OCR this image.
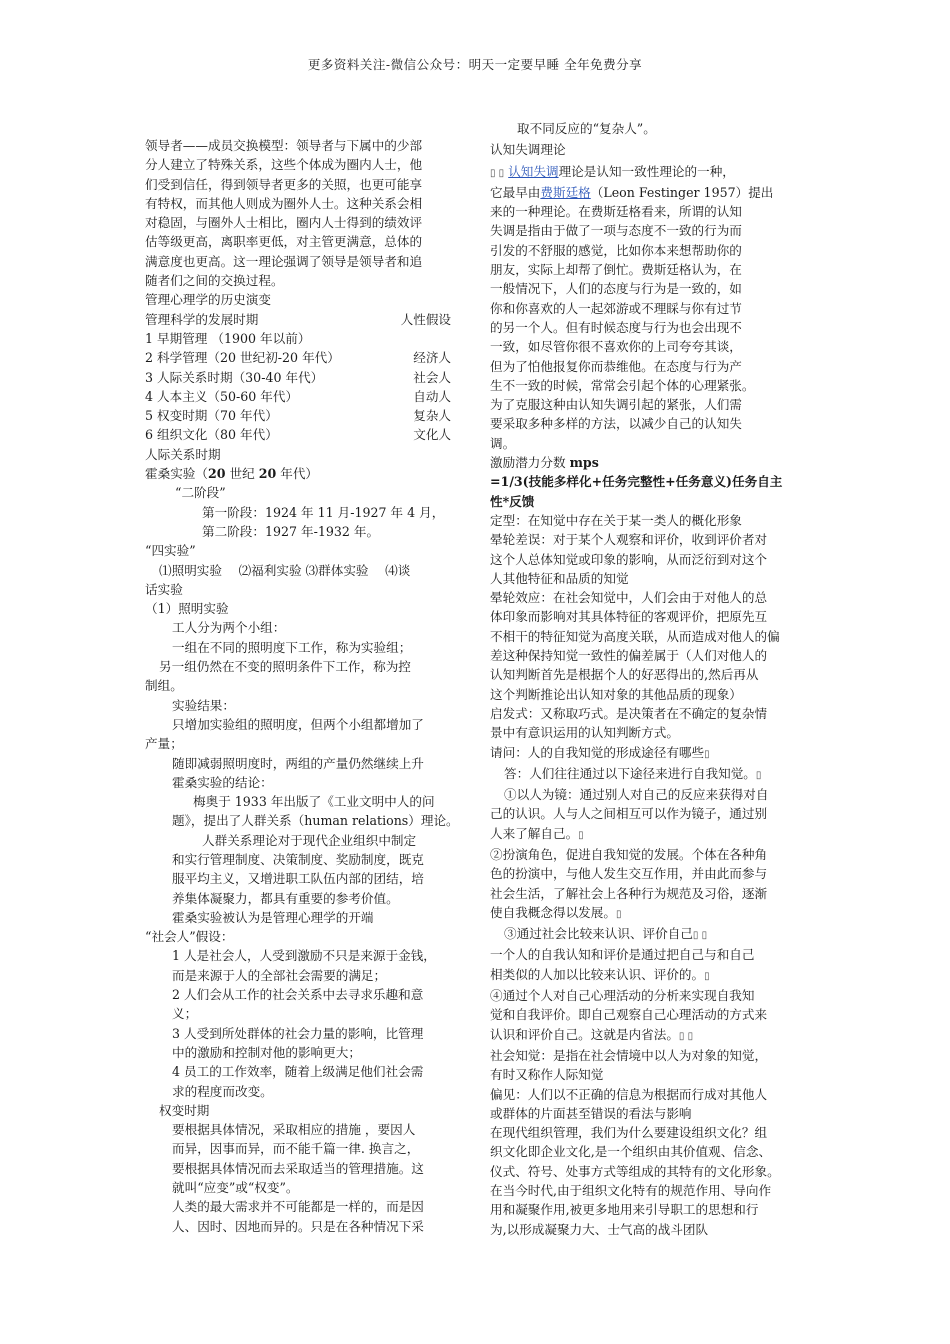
更多资料关注-微信公众号：明天一定要早睡 全年免费分享

领导者——成员交换模型：领导者与下属中的少部

分人建立了特殊关系，这些个体成为圈内人士，他

们受到信任，得到领导者更多的关照，也更可能享

有特权，而其他人则成为圈外人士。这种关系会相

对稳固，与圈外人士相比，圈内人士得到的绩效评

估等级更高，离职率更低，对主管更满意，总体的

满意度也更高。这一理论强调了领导是领导者和追

随者们之间的交换过程。

管理心理学的历史演变

管理科学的发展时期	人性假设
1 早期管理 （1900 年以前）
2 科学管理（20 世纪初-20 年代）	经济人
3 人际关系时期（30-40 年代）	社会人
4 人本主义（50-60 年代）	自动人
5 权变时期（70 年代）	复杂人
6 组织文化（80 年代）	文化人

人际关系时期

霍桑实验（20 世纪 20 年代）

“二阶段”

第一阶段：1924 年 11 月-1927 年 4 月，

第二阶段：1927 年-1932 年。

“四实验”

⑴照明实验　 ⑵福利实验 ⑶群体实验　 ⑷谈

话实验

（1）照明实验

工人分为两个小组：

一组在不同的照明度下工作，称为实验组；

另一组仍然在不变的照明条件下工作，称为控

制组。

实验结果：

只增加实验组的照明度，但两个小组都增加了

产量；

随即减弱照明度时，两组的产量仍然继续上升

霍桑实验的结论：

梅奥于 1933 年出版了《工业文明中人的问

题》，提出了人群关系（human relations）理论。

人群关系理论对于现代企业组织中制定

和实行管理制度、决策制度、奖励制度，既克

服平均主义，又增进职工队伍内部的团结，培

养集体凝聚力，都具有重要的参考价值。

霍桑实验被认为是管理心理学的开端

“社会人”假设：

1 人是社会人，人受到激励不只是来源于金钱，

而是来源于人的全部社会需要的满足；

2 人们会从工作的社会关系中去寻求乐趣和意

义；

3 人受到所处群体的社会力量的影响，比管理

中的激励和控制对他的影响更大；

4 员工的工作效率，随着上级满足他们社会需

求的程度而改变。

权变时期

要根据具体情况，采取相应的措施 ，要因人

而异，因事而异，而不能千篇一律. 换言之，

要根据具体情况而去采取适当的管理措施。这

就叫“应变”或“权变”。

人类的最大需求并不可能都是一样的，而是因

人、因时、因地而异的。只是在各种情况下采

取不同反应的“复杂人”。

认知失调理论

▯ ▯ 认知失调理论是认知一致性理论的一种，

它最早由费斯廷格（Leon Festinger 1957）提出

来的一种理论。在费斯廷格看来，所谓的认知

失调是指由于做了一项与态度不一致的行为而

引发的不舒服的感觉，比如你本来想帮助你的

朋友，实际上却帮了倒忙。费斯廷格认为，在

一般情况下，人们的态度与行为是一致的，如

你和你喜欢的人一起郊游或不理睬与你有过节

的另一个人。但有时候态度与行为也会出现不

一致，如尽管你很不喜欢你的上司夸夸其谈，

但为了怕他报复你而恭维他。在态度与行为产

生不一致的时候，常常会引起个体的心理紧张。

为了克服这种由认知失调引起的紧张，人们需

要采取多种多样的方法，以减少自己的认知失

调。

激励潜力分数 mps

=1/3(技能多样化+任务完整性+任务意义)任务自主

性*反馈

定型：在知觉中存在关于某一类人的概化形象

晕轮差误：对于某个人观察和评价，收到评价者对

这个人总体知觉或印象的影响，从而泛衍到对这个

人其他特征和品质的知觉

晕轮效应：在社会知觉中，人们会由于对他人的总

体印象而影响对其具体特征的客观评价，把原先互

不相干的特征知觉为高度关联，从而造成对他人的偏

差这种保持知觉一致性的偏差属于（人们对他人的

认知判断首先是根据个人的好恶得出的,然后再从

这个判断推论出认知对象的其他品质的现象）

启发式：又称取巧式。是决策者在不确定的复杂情

景中有意识运用的认知判断方式。

请问：人的自我知觉的形成途径有哪些▯

答：人们往往通过以下途径来进行自我知觉。▯

①以人为镜：通过别人对自己的反应来获得对自

己的认识。人与人之间相互可以作为镜子，通过别

人来了解自己。▯

②扮演角色，促进自我知觉的发展。个体在各种角

色的扮演中，与他人发生交互作用，并由此而参与

社会生活，了解社会上各种行为规范及习俗，逐渐

使自我概念得以发展。▯

③通过社会比较来认识、评价自己▯ ▯

一个人的自我认知和评价是通过把自己与和自己

相类似的人加以比较来认识、评价的。▯

④通过个人对自己心理活动的分析来实现自我知

觉和自我评价。即自己观察自己心理活动的方式来

认识和评价自己。这就是内省法。▯ ▯

社会知觉：是指在社会情境中以人为对象的知觉，

有时又称作人际知觉

偏见：人们以不正确的信息为根据而行成对其他人

或群体的片面甚至错误的看法与影响

在现代组织管理，我们为什么要建设组织文化？组

织文化即企业文化,是一个组织由其价值观、信念、

仪式、符号、处事方式等组成的其特有的文化形象。

在当今时代,由于组织文化特有的规范作用、导向作

用和凝聚作用,被更多地用来引导职工的思想和行

为,以形成凝聚力大、士气高的战斗团队
